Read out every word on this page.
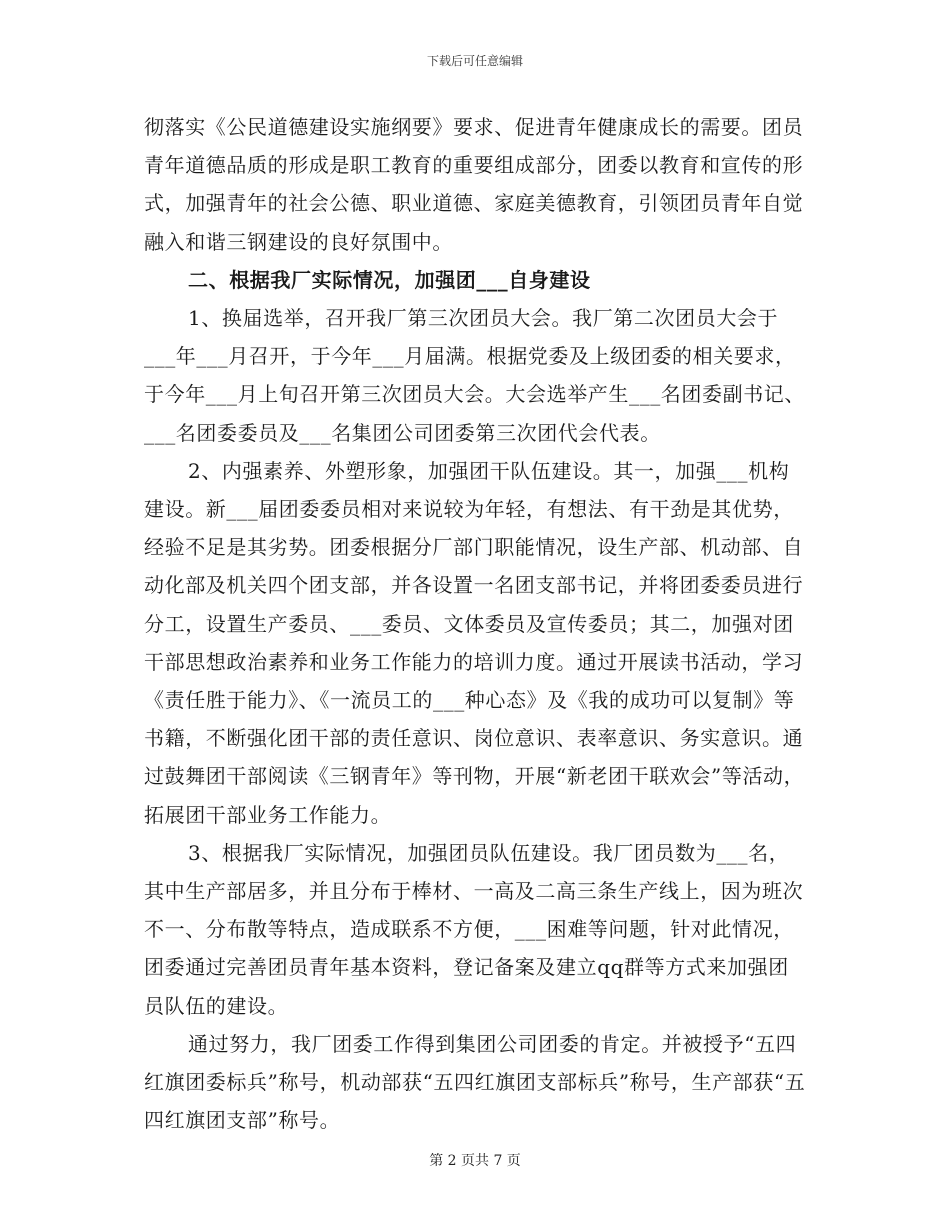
下载后可任意编辑

彻落实《公民道德建设实施纲要》要求、促进青年健康成长的需要。团员青年道德品质的形成是职工教育的重要组成部分，团委以教育和宣传的形式，加强青年的社会公德、职业道德、家庭美德教育，引领团员青年自觉融入和谐三钢建设的良好氛围中。

二、根据我厂实际情况，加强团___自身建设

1、换届选举，召开我厂第三次团员大会。我厂第二次团员大会于___年___月召开，于今年___月届满。根据党委及上级团委的相关要求，于今年___月上旬召开第三次团员大会。大会选举产生___名团委副书记、___名团委委员及___名集团公司团委第三次团代会代表。

2、内强素养、外塑形象，加强团干队伍建设。其一，加强___机构建设。新___届团委委员相对来说较为年轻，有想法、有干劲是其优势，经验不足是其劣势。团委根据分厂部门职能情况，设生产部、机动部、自动化部及机关四个团支部，并各设置一名团支部书记，并将团委委员进行分工，设置生产委员、___委员、文体委员及宣传委员；其二，加强对团干部思想政治素养和业务工作能力的培训力度。通过开展读书活动，学习《责任胜于能力》、《一流员工的___种心态》及《我的成功可以复制》等书籍，不断强化团干部的责任意识、岗位意识、表率意识、务实意识。通过鼓舞团干部阅读《三钢青年》等刊物，开展“新老团干联欢会”等活动，拓展团干部业务工作能力。

3、根据我厂实际情况，加强团员队伍建设。我厂团员数为___名，其中生产部居多，并且分布于棒材、一高及二高三条生产线上，因为班次不一、分布散等特点，造成联系不方便，___困难等问题，针对此情况，团委通过完善团员青年基本资料，登记备案及建立qq群等方式来加强团员队伍的建设。

通过努力，我厂团委工作得到集团公司团委的肯定。并被授予“五四红旗团委标兵”称号，机动部获“五四红旗团支部标兵”称号，生产部获“五四红旗团支部”称号。

第 2 页共 7 页
